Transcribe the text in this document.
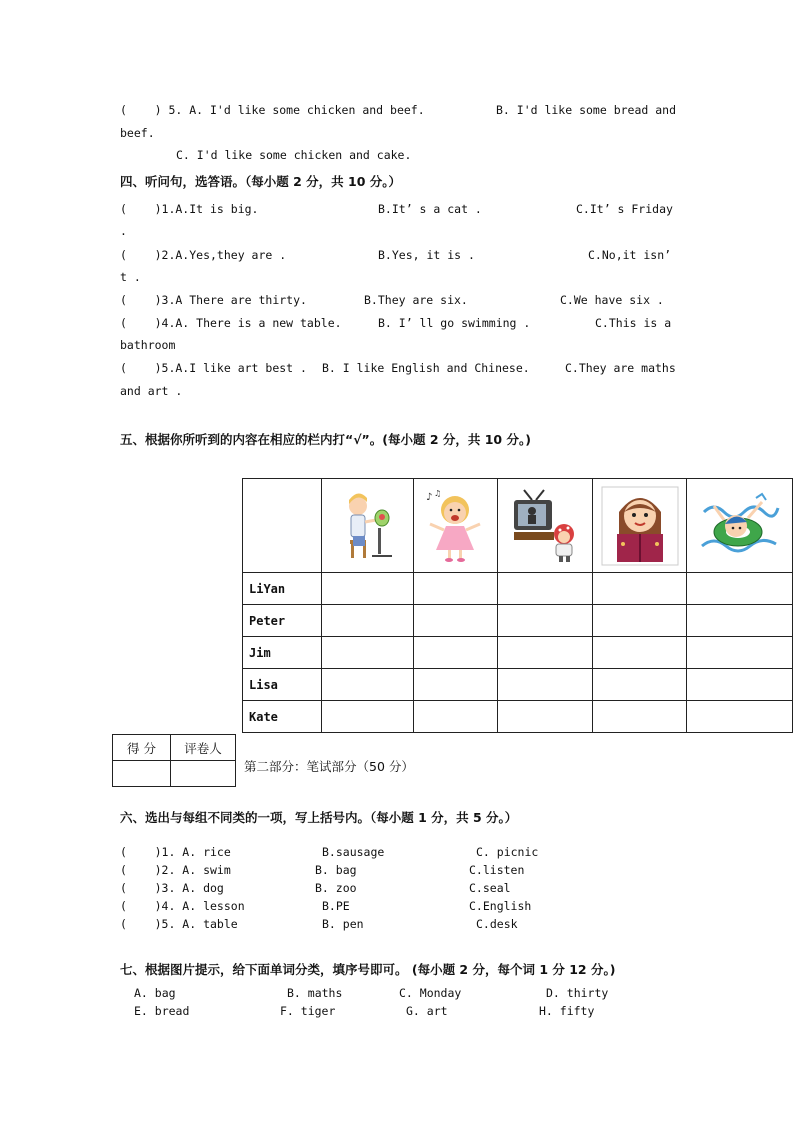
(    ) 5. A. I'd like some chicken and beef.	B. I'd like some bread and
beef.
C. I'd like some chicken and cake.
四、听问句，选答语。（每小题 2 分，共 10 分。）
(    )1.A.It is big.	B.It’ s a cat .	C.It’ s Friday
.
(    )2.A.Yes,they are .	B.Yes, it is .	C.No,it isn’
t .
(    )3.A There are thirty.	B.They are six.	C.We have six .
(    )4.A. There is a new table.	B. I’ ll go swimming .	C.This is a
bathroom
(    )5.A.I like art best . B. I like English and Chinese.	C.They are maths
and art .
五、根据你所听到的内容在相应的栏内打“√”。(每小题 2 分，共 10 分。)

♪ ♫

LiYan					
Peter					
Jim					
Lisa					
Kate					
得 分	评卷人

第二部分：笔试部分（50 分）
六、选出与每组不同类的一项，写上括号内。（每小题 1 分，共 5 分。）
(    )1. A. rice	B.sausage	C. picnic
(    )2. A. swim	B. bag	C.listen
(    )3. A. dog	B. zoo	C.seal
(    )4. A. lesson	B.PE	C.English
(    )5. A. table	B. pen	C.desk
七、根据图片提示，给下面单词分类，填序号即可。 (每小题 2 分，每个词 1 分 12 分。)
A. bag	B. maths	C. Monday	D. thirty
E. bread	F. tiger	G. art	H. fifty
